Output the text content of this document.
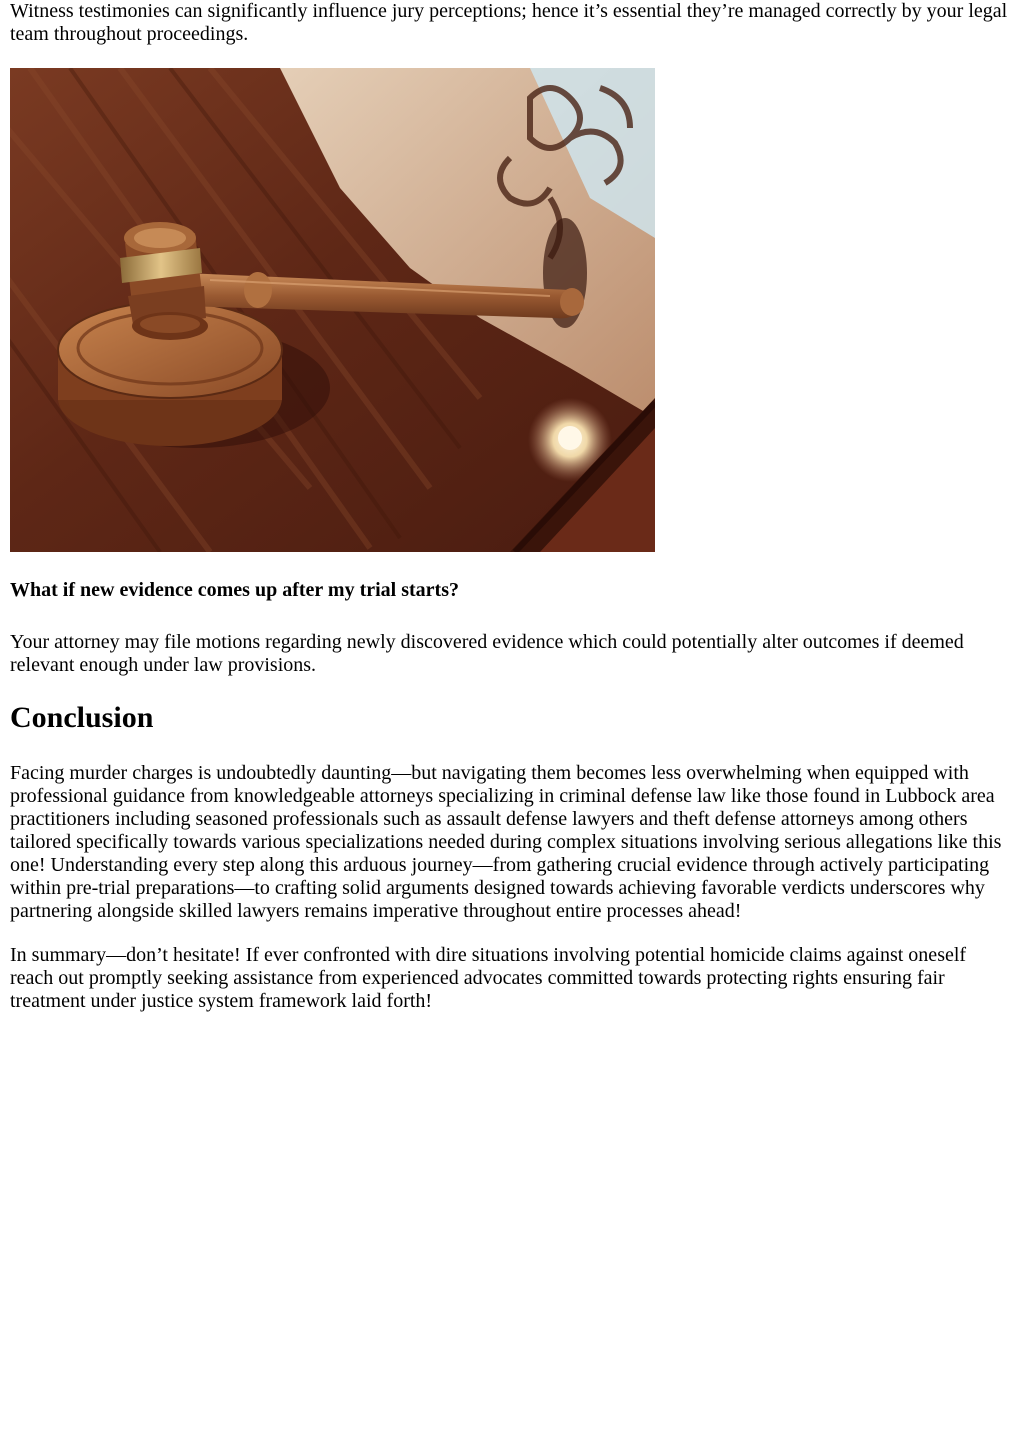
Witness testimonies can significantly influence jury perceptions; hence it’s essential they’re managed correctly by your legal team throughout proceedings.

What if new evidence comes up after my trial starts?

Your attorney may file motions regarding newly discovered evidence which could potentially alter outcomes if deemed relevant enough under law provisions.

Conclusion

Facing murder charges is undoubtedly daunting—but navigating them becomes less overwhelming when equipped with professional guidance from knowledgeable attorneys specializing in criminal defense law like those found in Lubbock area practitioners including seasoned professionals such as assault defense lawyers and theft defense attorneys among others tailored specifically towards various specializations needed during complex situations involving serious allegations like this one! Understanding every step along this arduous journey—from gathering crucial evidence through actively participating within pre-trial preparations—to crafting solid arguments designed towards achieving favorable verdicts underscores why partnering alongside skilled lawyers remains imperative throughout entire processes ahead!

In summary—don’t hesitate! If ever confronted with dire situations involving potential homicide claims against oneself reach out promptly seeking assistance from experienced advocates committed towards protecting rights ensuring fair treatment under justice system framework laid forth!
